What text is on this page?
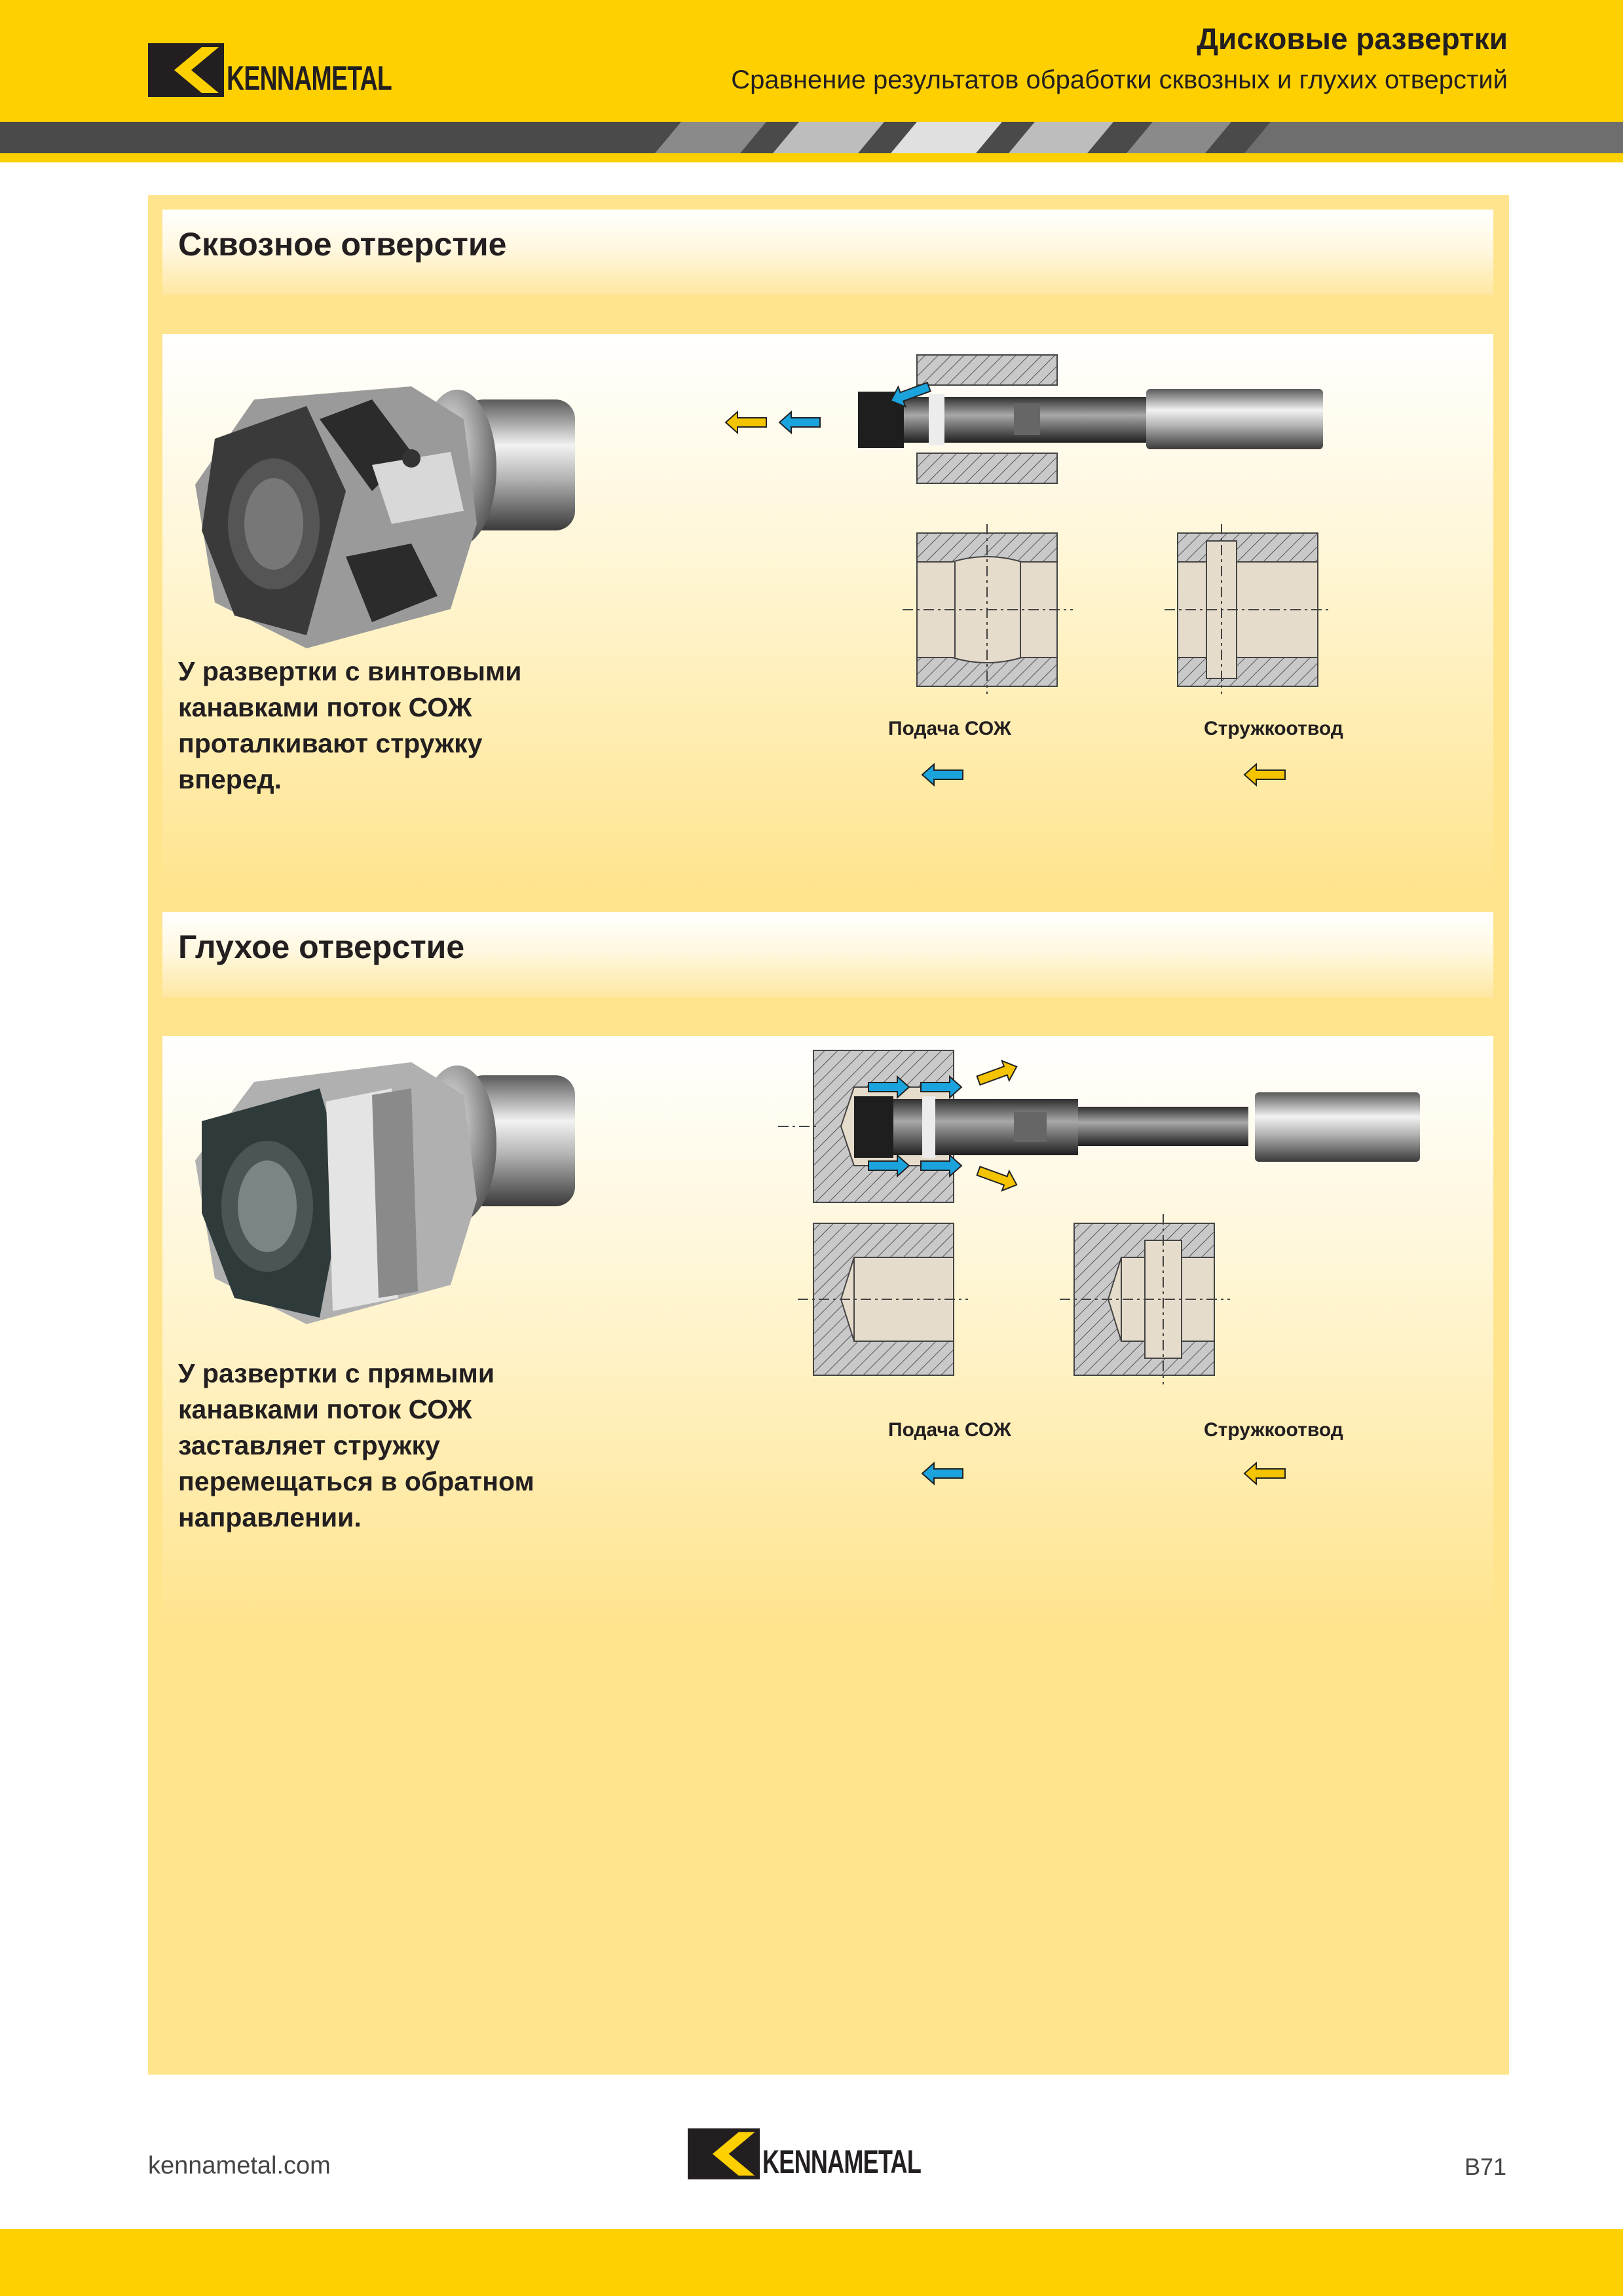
KENNAMETAL
Дисковые развертки
Сравнение результатов обработки сквозных и глухих отверстий
Сквозное отверстие
У развертки с винтовыми канавками поток СОЖ проталкивают стружку вперед.
Подача СОЖ	Стружкоотвод
Глухое отверстие
У развертки с прямыми канавками поток СОЖ заставляет стружку перемещаться в обратном направлении.
Подача СОЖ	Стружкоотвод
kennametal.com	KENNAMETAL	B71
